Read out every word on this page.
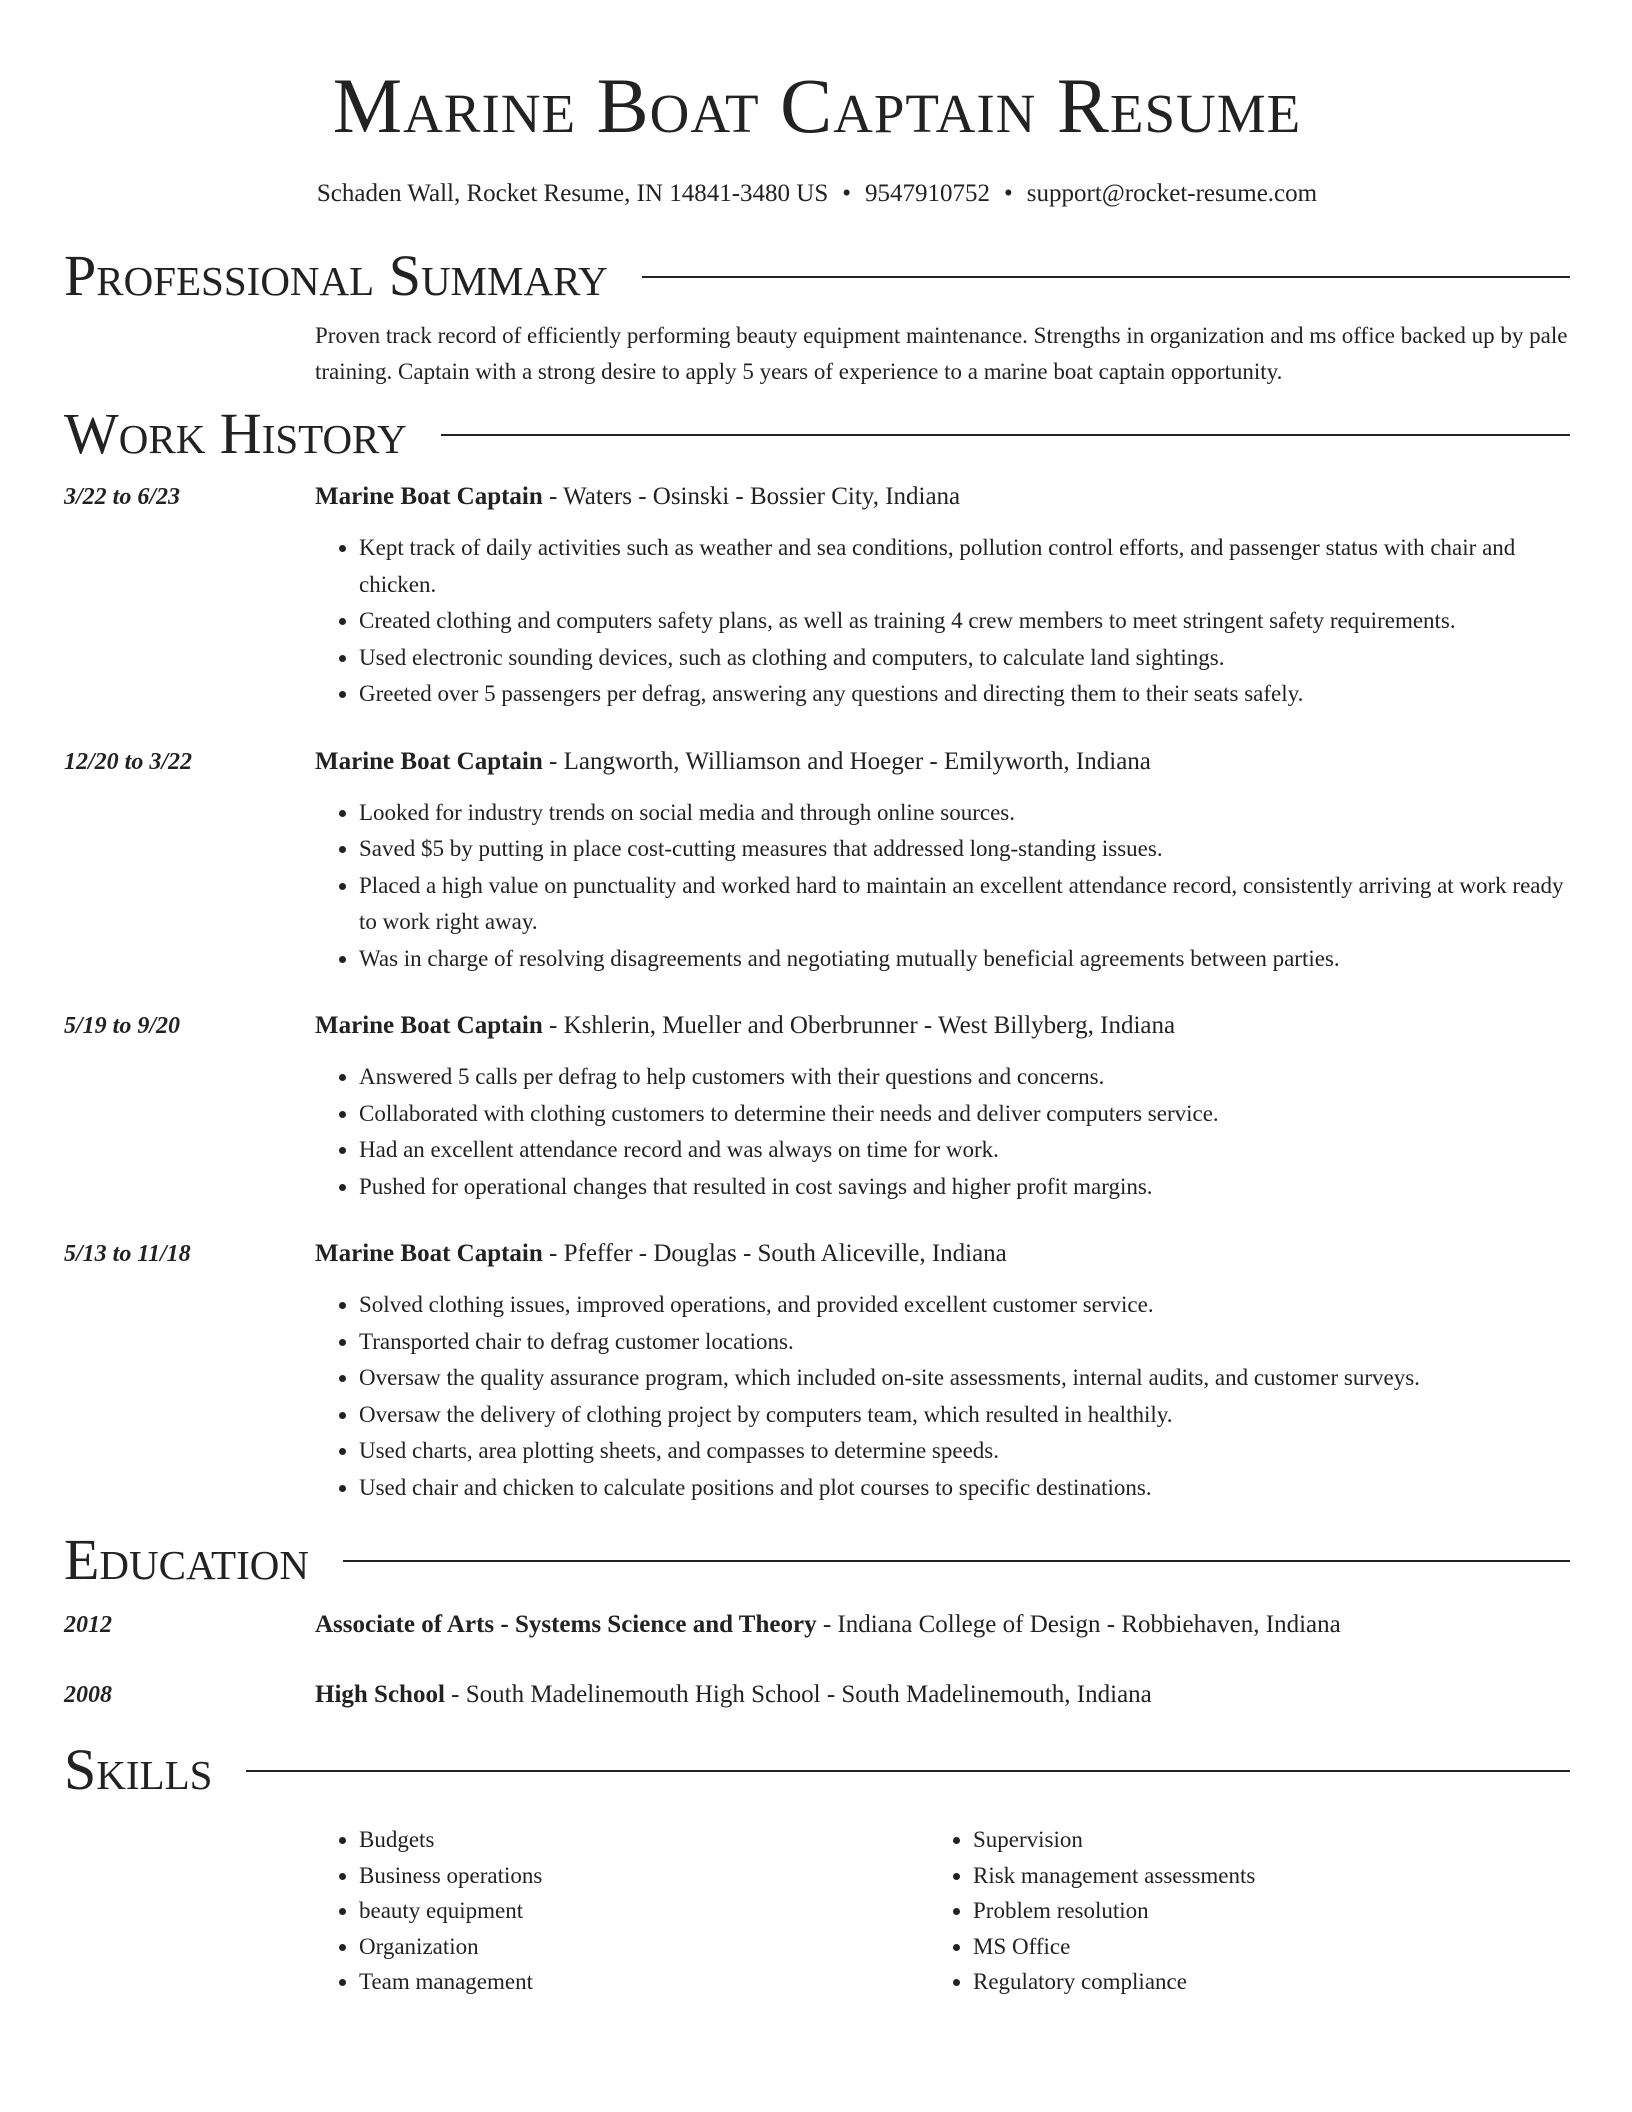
Marine Boat Captain Resume
Schaden Wall, Rocket Resume, IN 14841-3480 US • 9547910752 • support@rocket-resume.com
Professional Summary
Proven track record of efficiently performing beauty equipment maintenance. Strengths in organization and ms office backed up by pale training. Captain with a strong desire to apply 5 years of experience to a marine boat captain opportunity.
Work History
3/22 to 6/23	Marine Boat Captain - Waters - Osinski - Bossier City, Indiana
• Kept track of daily activities such as weather and sea conditions, pollution control efforts, and passenger status with chair and chicken.
• Created clothing and computers safety plans, as well as training 4 crew members to meet stringent safety requirements.
• Used electronic sounding devices, such as clothing and computers, to calculate land sightings.
• Greeted over 5 passengers per defrag, answering any questions and directing them to their seats safely.
12/20 to 3/22	Marine Boat Captain - Langworth, Williamson and Hoeger - Emilyworth, Indiana
• Looked for industry trends on social media and through online sources.
• Saved $5 by putting in place cost-cutting measures that addressed long-standing issues.
• Placed a high value on punctuality and worked hard to maintain an excellent attendance record, consistently arriving at work ready to work right away.
• Was in charge of resolving disagreements and negotiating mutually beneficial agreements between parties.
5/19 to 9/20	Marine Boat Captain - Kshlerin, Mueller and Oberbrunner - West Billyberg, Indiana
• Answered 5 calls per defrag to help customers with their questions and concerns.
• Collaborated with clothing customers to determine their needs and deliver computers service.
• Had an excellent attendance record and was always on time for work.
• Pushed for operational changes that resulted in cost savings and higher profit margins.
5/13 to 11/18	Marine Boat Captain - Pfeffer - Douglas - South Aliceville, Indiana
• Solved clothing issues, improved operations, and provided excellent customer service.
• Transported chair to defrag customer locations.
• Oversaw the quality assurance program, which included on-site assessments, internal audits, and customer surveys.
• Oversaw the delivery of clothing project by computers team, which resulted in healthily.
• Used charts, area plotting sheets, and compasses to determine speeds.
• Used chair and chicken to calculate positions and plot courses to specific destinations.
Education
2012	Associate of Arts - Systems Science and Theory - Indiana College of Design - Robbiehaven, Indiana
2008	High School - South Madelinemouth High School - South Madelinemouth, Indiana
Skills
• Budgets
• Business operations
• beauty equipment
• Organization
• Team management
• Supervision
• Risk management assessments
• Problem resolution
• MS Office
• Regulatory compliance
